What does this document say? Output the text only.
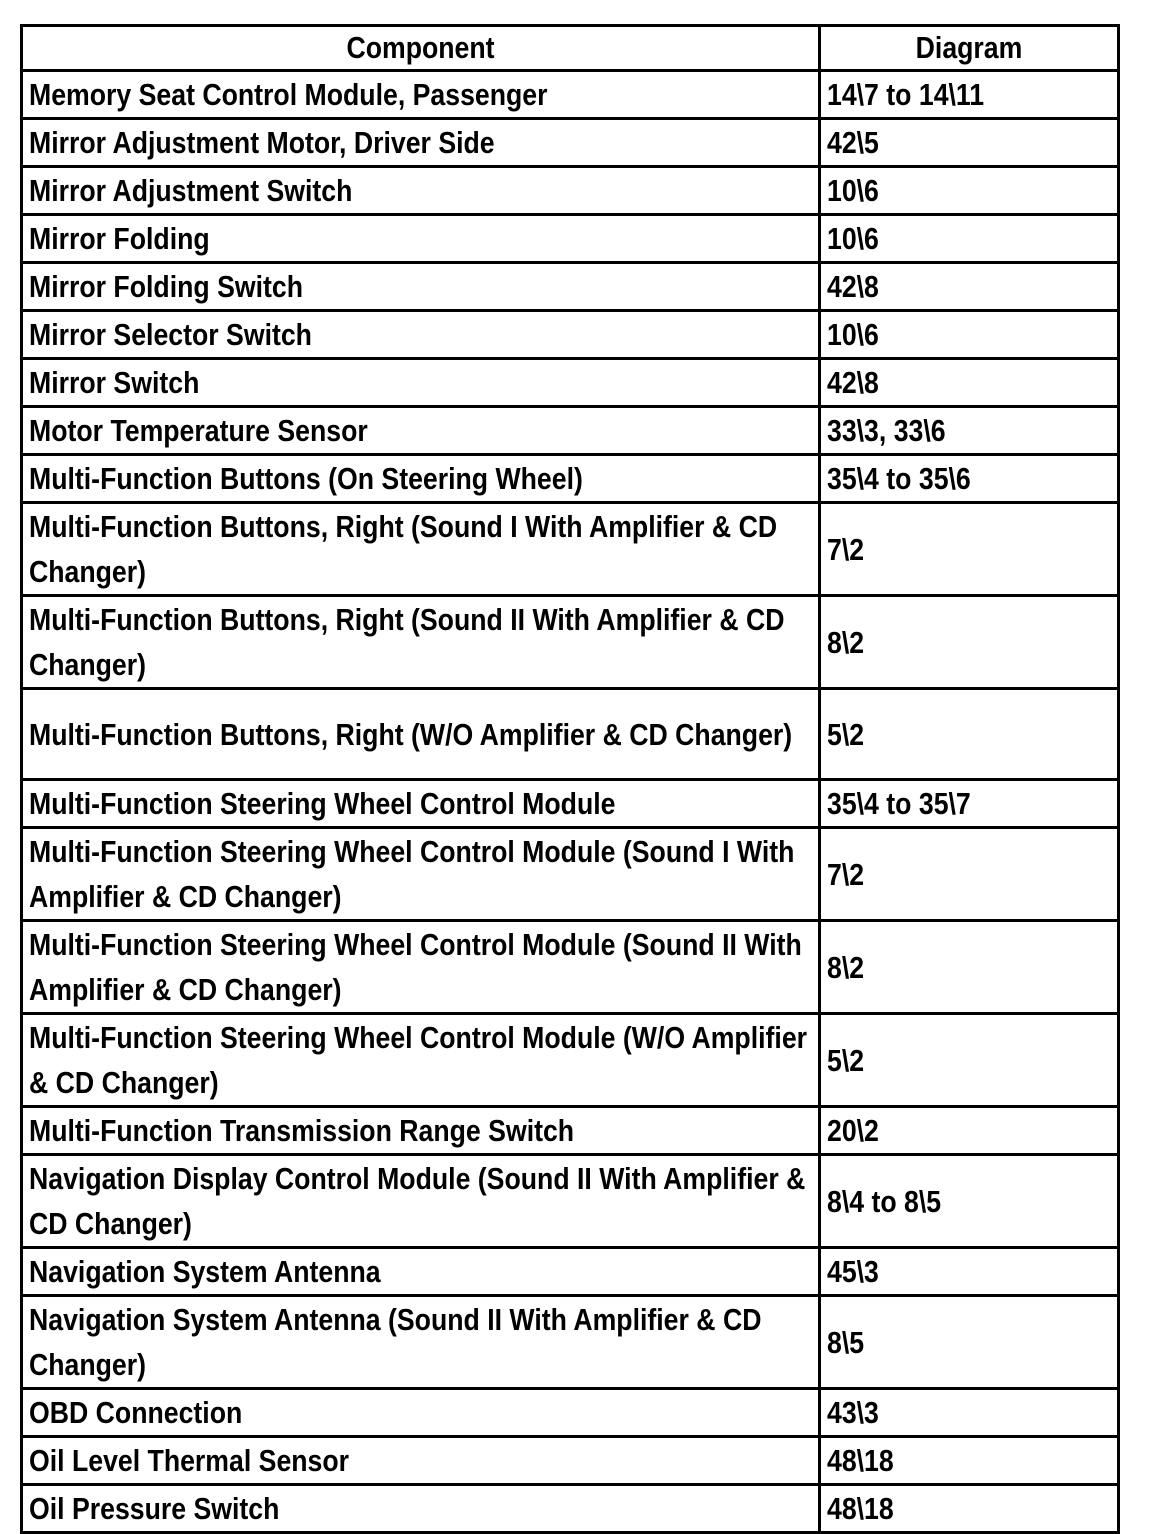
Component	Diagram
Memory Seat Control Module, Passenger	14\7 to 14\11
Mirror Adjustment Motor, Driver Side	42\5
Mirror Adjustment Switch	10\6
Mirror Folding	10\6
Mirror Folding Switch	42\8
Mirror Selector Switch	10\6
Mirror Switch	42\8
Motor Temperature Sensor	33\3, 33\6
Multi-Function Buttons (On Steering Wheel)	35\4 to 35\6
Multi-Function Buttons, Right (Sound I With Amplifier & CD Changer)	7\2
Multi-Function Buttons, Right (Sound II With Amplifier & CD Changer)	8\2
Multi-Function Buttons, Right (W/O Amplifier & CD Changer)	5\2
Multi-Function Steering Wheel Control Module	35\4 to 35\7
Multi-Function Steering Wheel Control Module (Sound I With Amplifier & CD Changer)	7\2
Multi-Function Steering Wheel Control Module (Sound II With Amplifier & CD Changer)	8\2
Multi-Function Steering Wheel Control Module (W/O Amplifier & CD Changer)	5\2
Multi-Function Transmission Range Switch	20\2
Navigation Display Control Module (Sound II With Amplifier & CD Changer)	8\4 to 8\5
Navigation System Antenna	45\3
Navigation System Antenna (Sound II With Amplifier & CD Changer)	8\5
OBD Connection	43\3
Oil Level Thermal Sensor	48\18
Oil Pressure Switch	48\18
